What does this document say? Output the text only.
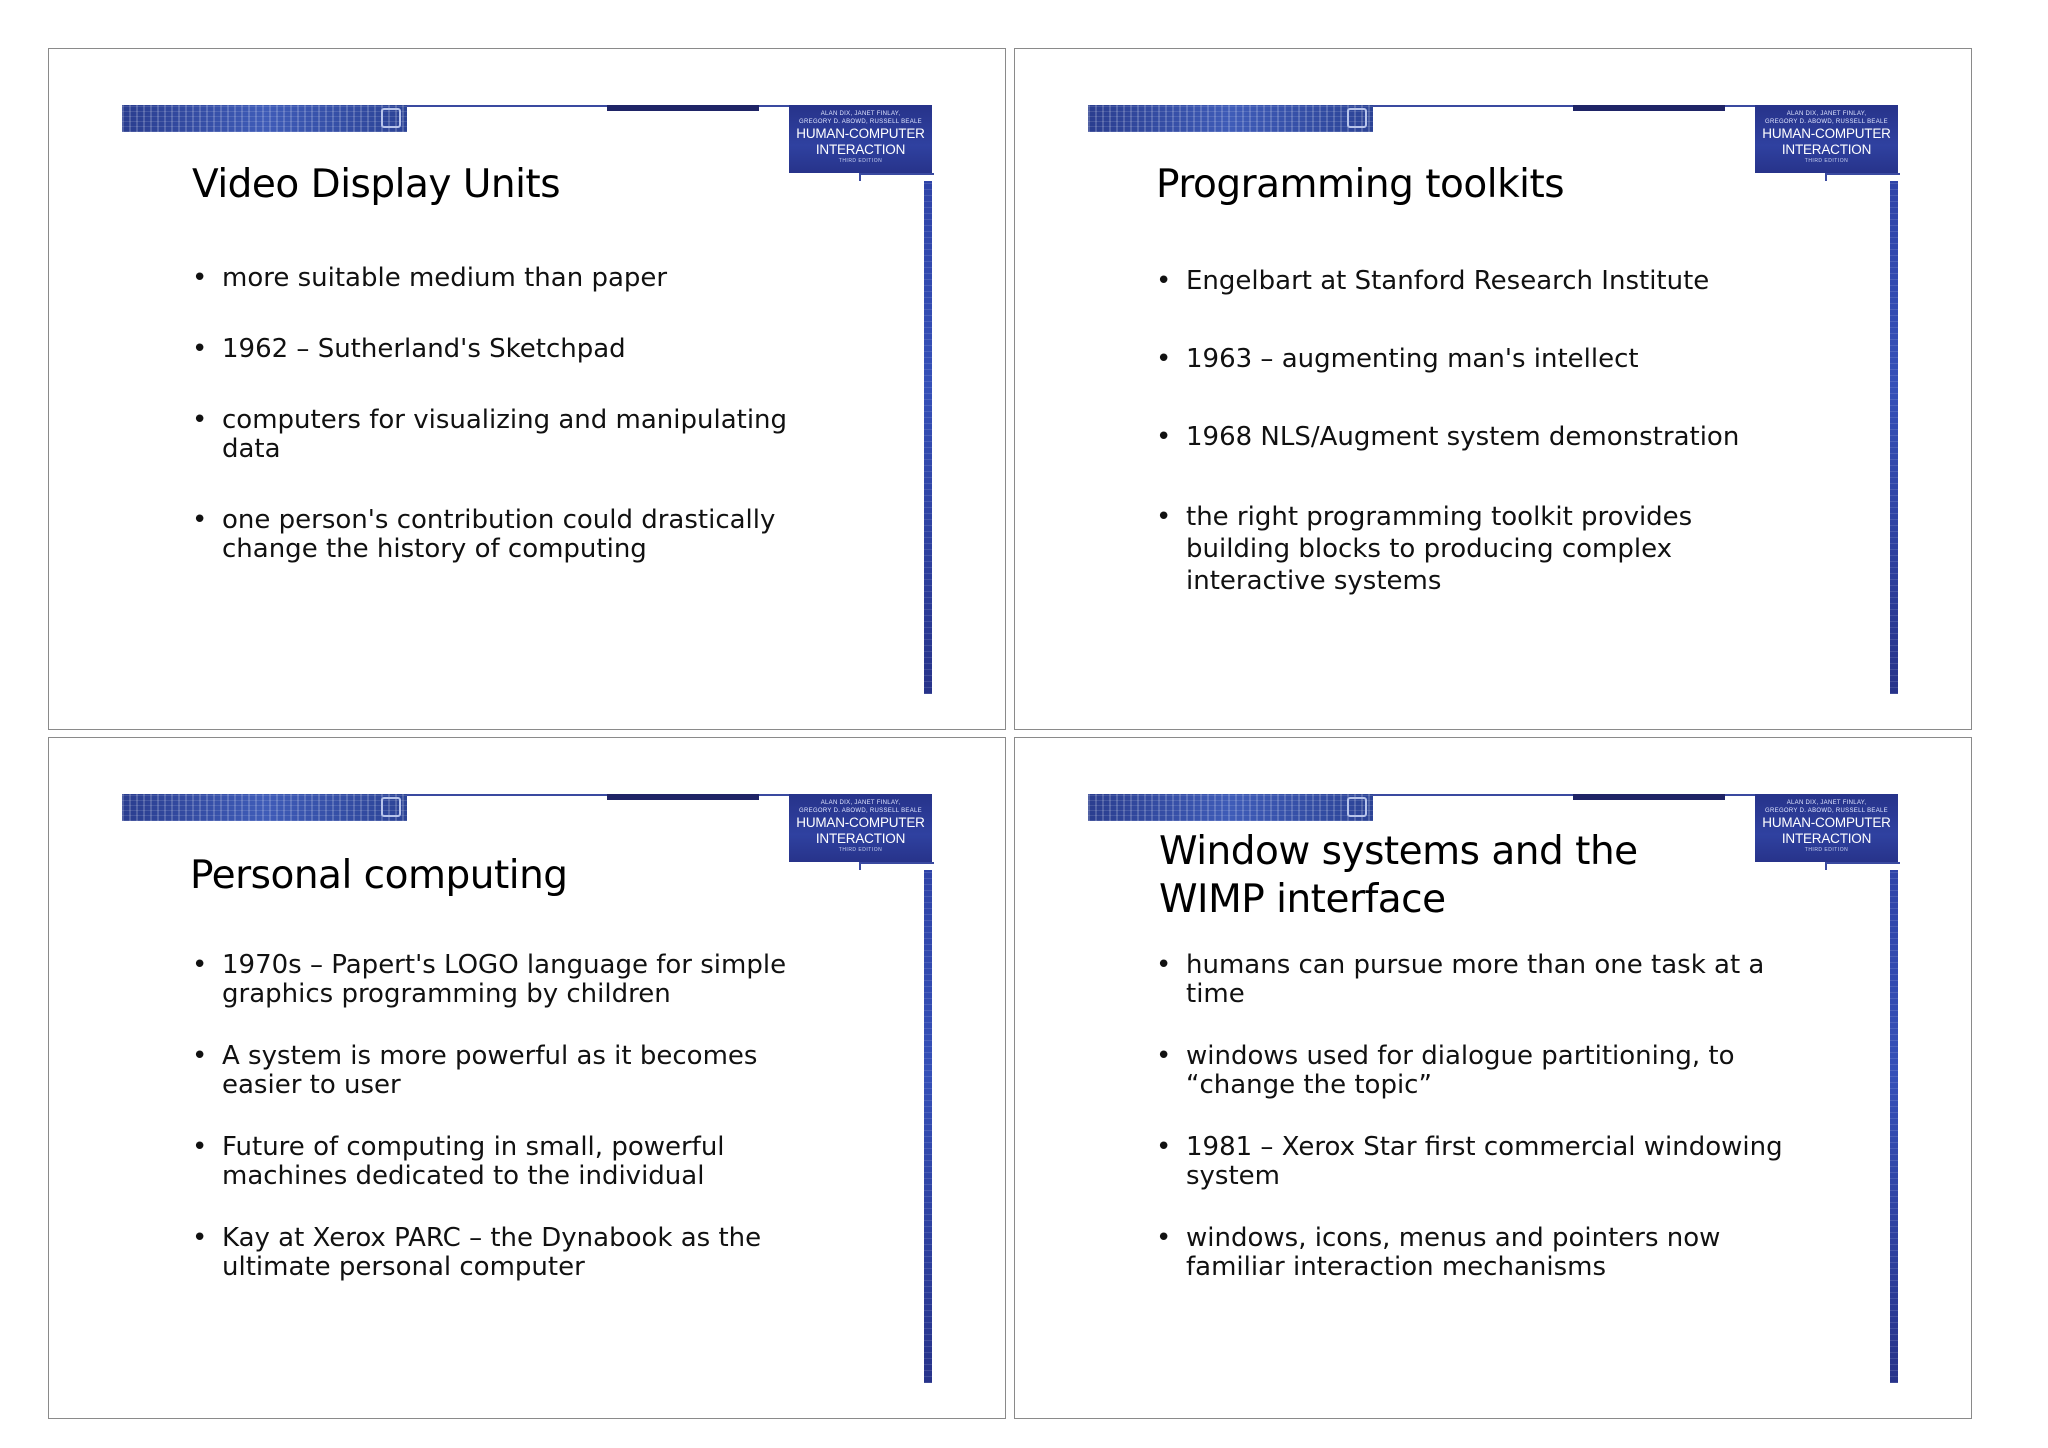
ALAN DIX, JANET FINLAY,
GREGORY D. ABOWD, RUSSELL BEALE
HUMAN-COMPUTER
INTERACTION
THIRD EDITION
Video Display Units
• more suitable medium than paper
• 1962 – Sutherland's Sketchpad
• computers for visualizing and manipulating data
• one person's contribution could drastically change the history of computing
ALAN DIX, JANET FINLAY,
GREGORY D. ABOWD, RUSSELL BEALE
HUMAN-COMPUTER
INTERACTION
THIRD EDITION
Programming toolkits
• Engelbart at Stanford Research Institute
• 1963 – augmenting man's intellect
• 1968 NLS/Augment system demonstration
• the right programming toolkit provides building blocks to producing complex interactive systems
ALAN DIX, JANET FINLAY,
GREGORY D. ABOWD, RUSSELL BEALE
HUMAN-COMPUTER
INTERACTION
THIRD EDITION
Personal computing
• 1970s – Papert's LOGO language for simple graphics programming by children
• A system is more powerful as it becomes easier to user
• Future of computing in small, powerful machines dedicated to the individual
• Kay at Xerox PARC – the Dynabook as the ultimate personal computer
ALAN DIX, JANET FINLAY,
GREGORY D. ABOWD, RUSSELL BEALE
HUMAN-COMPUTER
INTERACTION
THIRD EDITION
Window systems and the
WIMP interface
• humans can pursue more than one task at a time
• windows used for dialogue partitioning, to “change the topic”
• 1981 – Xerox Star first commercial windowing system
• windows, icons, menus and pointers now familiar interaction mechanisms
